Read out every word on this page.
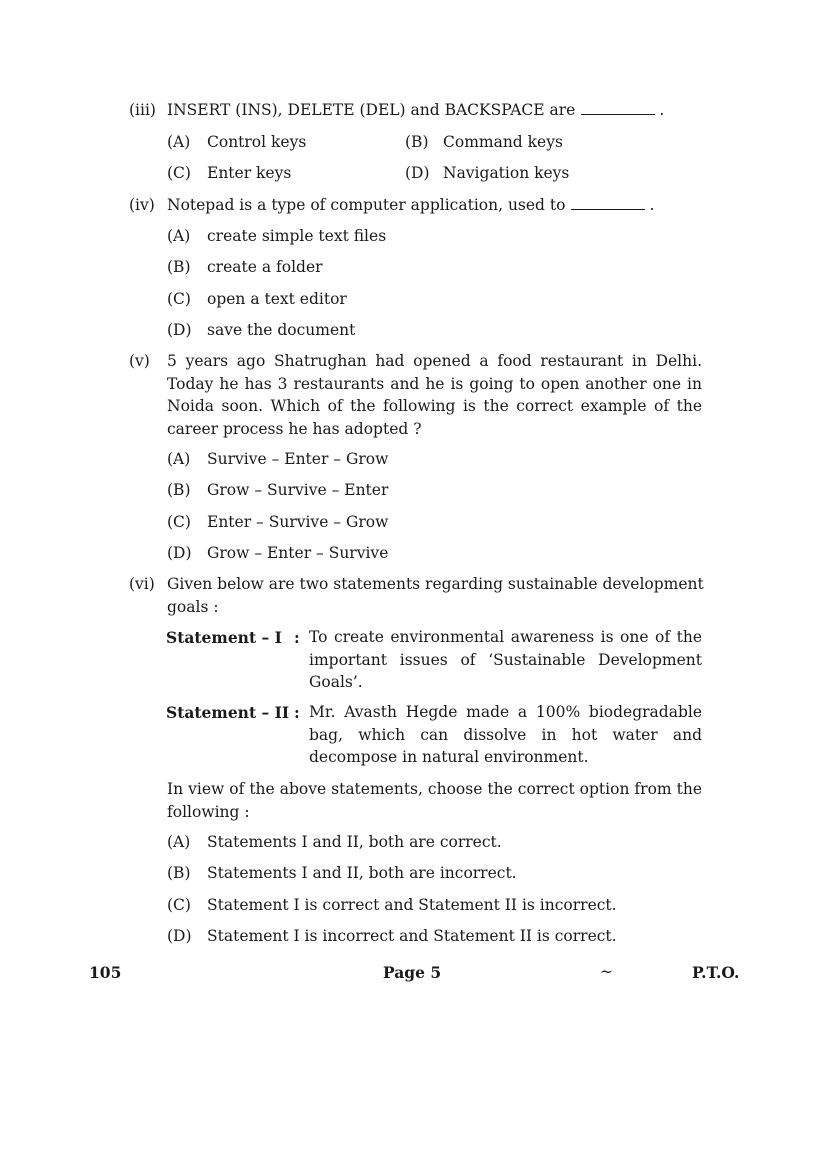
(iii) INSERT (INS), DELETE (DEL) and BACKSPACE are	.
(A) Control keys	(B) Command keys
(C) Enter keys	(D) Navigation keys
(iv) Notepad is a type of computer application, used to	.
(A) create simple text files
(B) create a folder
(C) open a text editor
(D) save the document
(v) 5 years ago Shatrughan had opened a food restaurant in Delhi.
Today he has 3 restaurants and he is going to open another one in
Noida soon. Which of the following is the correct example of the
career process he has adopted ?
(A) Survive – Enter – Grow
(B) Grow – Survive – Enter
(C) Enter – Survive – Grow
(D) Grow – Enter – Survive
(vi) Given below are two statements regarding sustainable development
goals :
Statement – I : To create environmental awareness is one of the
important issues of ‘Sustainable Development
Goals’.
Statement – II : Mr. Avasth Hegde made a 100% biodegradable
bag, which can dissolve in hot water and
decompose in natural environment.
In view of the above statements, choose the correct option from the
following :
(A) Statements I and II, both are correct.
(B) Statements I and II, both are incorrect.
(C) Statement I is correct and Statement II is incorrect.
(D) Statement I is incorrect and Statement II is correct.
105	Page 5	~	P.T.O.
